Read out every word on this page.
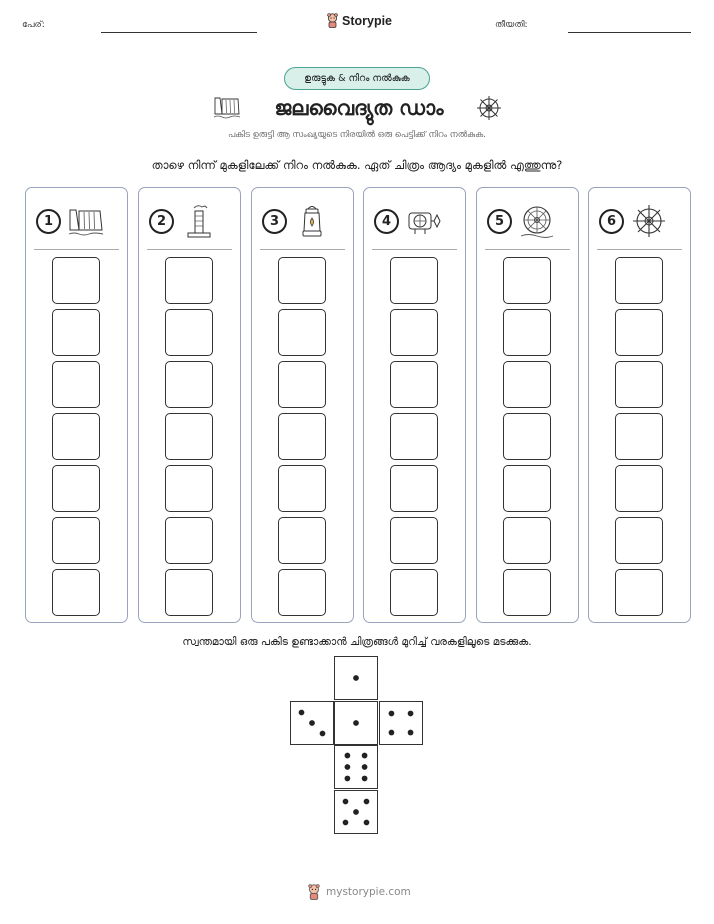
പേര്:	Storypie	തീയതി:
ഉരുട്ടുക & നിറം നൽകുക
ജലവൈദ്യുത ഡാം
പകിട ഉരുട്ടി ആ സംഖ്യയുടെ നിരയിൽ ഒരു പെട്ടിക്ക് നിറം നൽകുക.
താഴെ നിന്ന് മുകളിലേക്ക് നിറം നൽകുക. ഏത് ചിത്രം ആദ്യം മുകളിൽ എത്തുന്നു?
1	2	3	4	5	6
സ്വന്തമായി ഒരു പകിട ഉണ്ടാക്കാൻ ചിത്രങ്ങൾ മുറിച്ച് വരകളിലൂടെ മടക്കുക.
mystorypie.com
